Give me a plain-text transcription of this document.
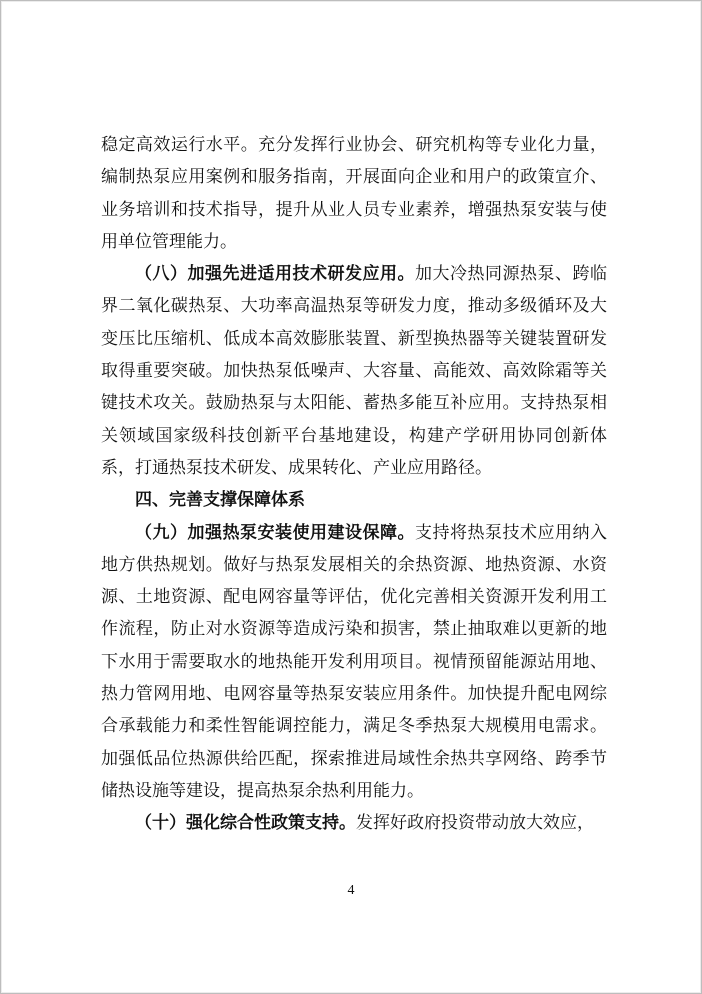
稳定高效运行水平。充分发挥行业协会、研究机构等专业化力量，编制热泵应用案例和服务指南，开展面向企业和用户的政策宣介、业务培训和技术指导，提升从业人员专业素养，增强热泵安装与使用单位管理能力。

（八）加强先进适用技术研发应用。加大冷热同源热泵、跨临界二氧化碳热泵、大功率高温热泵等研发力度，推动多级循环及大变压比压缩机、低成本高效膨胀装置、新型换热器等关键装置研发取得重要突破。加快热泵低噪声、大容量、高能效、高效除霜等关键技术攻关。鼓励热泵与太阳能、蓄热多能互补应用。支持热泵相关领域国家级科技创新平台基地建设，构建产学研用协同创新体系，打通热泵技术研发、成果转化、产业应用路径。

四、完善支撑保障体系

（九）加强热泵安装使用建设保障。支持将热泵技术应用纳入地方供热规划。做好与热泵发展相关的余热资源、地热资源、水资源、土地资源、配电网容量等评估，优化完善相关资源开发利用工作流程，防止对水资源等造成污染和损害，禁止抽取难以更新的地下水用于需要取水的地热能开发利用项目。视情预留能源站用地、热力管网用地、电网容量等热泵安装应用条件。加快提升配电网综合承载能力和柔性智能调控能力，满足冬季热泵大规模用电需求。加强低品位热源供给匹配，探索推进局域性余热共享网络、跨季节储热设施等建设，提高热泵余热利用能力。

（十）强化综合性政策支持。发挥好政府投资带动放大效应，

4
